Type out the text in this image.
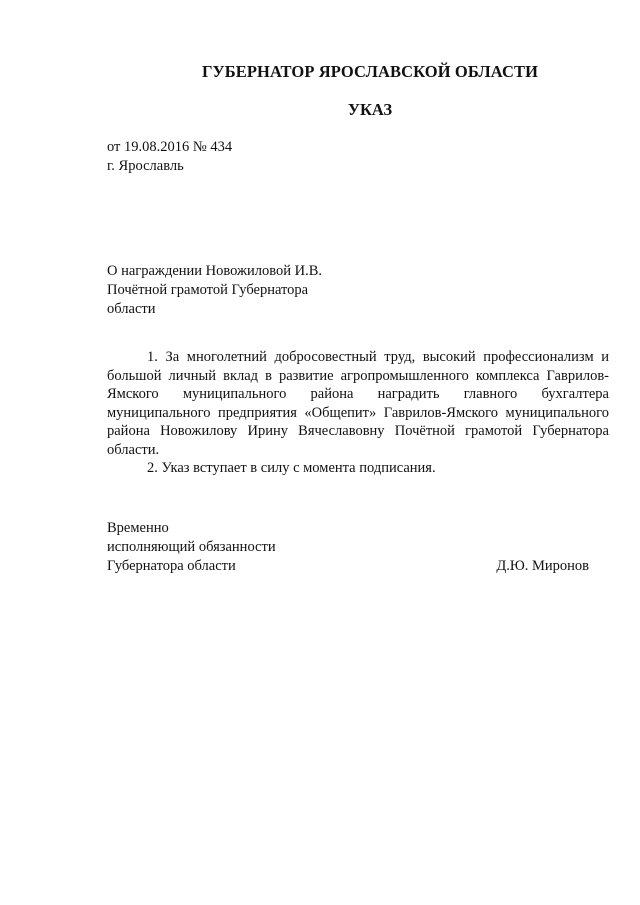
ГУБЕРНАТОР ЯРОСЛАВСКОЙ ОБЛАСТИ
УКАЗ
от 19.08.2016 № 434
г. Ярославль
О награждении Новожиловой И.В.
Почётной грамотой Губернатора
области

1. За многолетний добросовестный труд, высокий профессионализм и большой личный вклад в развитие агропромышленного комплекса Гаврилов-Ямского муниципального района наградить главного бухгалтера муниципального предприятия «Общепит» Гаврилов-Ямского муниципального района Новожилову Ирину Вячеславовну Почётной грамотой Губернатора области.

2. Указ вступает в силу с момента подписания.

Временно
исполняющий обязанности
Губернатора области	Д.Ю. Миронов
